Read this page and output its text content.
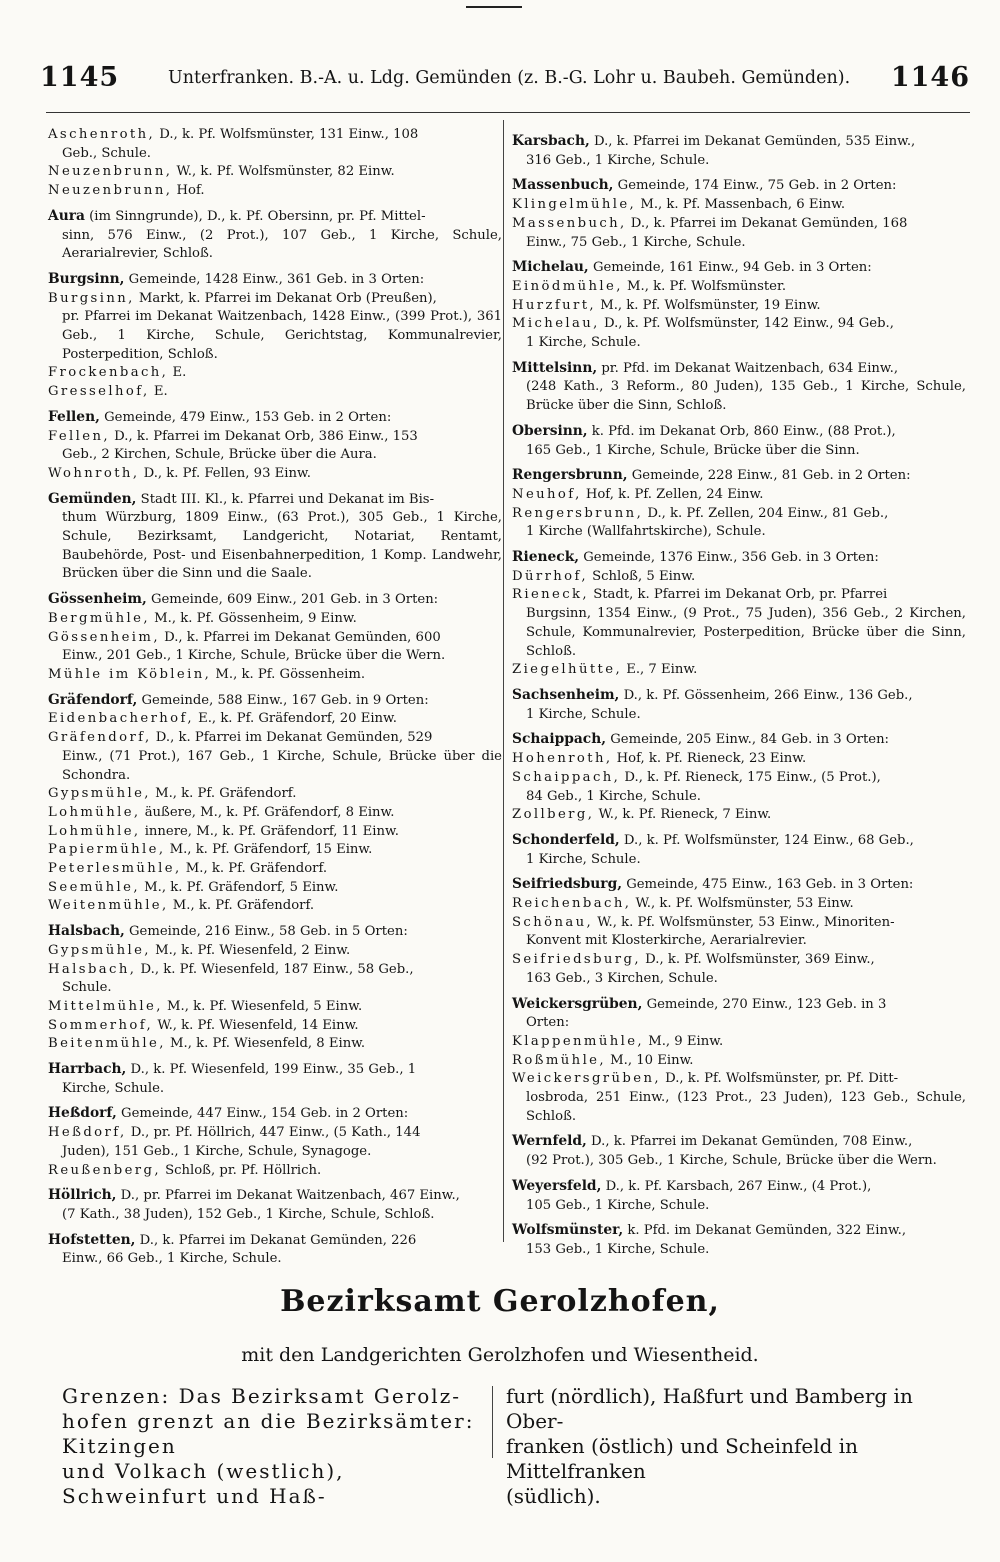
1145	Unterfranken. B.-A. u. Ldg. Gemünden (z. B.-G. Lohr u. Baubeh. Gemünden). 1146
Aschenroth, D., k. Pf. Wolfsmünster, 131 Einw., 108
Geb., Schule.
Neuzenbrunn, W., k. Pf. Wolfsmünster, 82 Einw.
Neuzenbrunn, Hof.
Aura (im Sinngrunde), D., k. Pf. Obersinn, pr. Pf. Mittel-
sinn, 576 Einw., (2 Prot.), 107 Geb., 1 Kirche, Schule, Aerarialrevier, Schloß.
Burgsinn, Gemeinde, 1428 Einw., 361 Geb. in 3 Orten:
Burgsinn, Markt, k. Pfarrei im Dekanat Orb (Preußen),
pr. Pfarrei im Dekanat Waitzenbach, 1428 Einw., (399 Prot.), 361 Geb., 1 Kirche, Schule, Gerichtstag, Kommunalrevier, Posterpedition, Schloß.
Frockenbach, E.
Gresselhof, E.
Fellen, Gemeinde, 479 Einw., 153 Geb. in 2 Orten:
Fellen, D., k. Pfarrei im Dekanat Orb, 386 Einw., 153
Geb., 2 Kirchen, Schule, Brücke über die Aura.
Wohnroth, D., k. Pf. Fellen, 93 Einw.
Gemünden, Stadt III. Kl., k. Pfarrei und Dekanat im Bis-
thum Würzburg, 1809 Einw., (63 Prot.), 305 Geb., 1 Kirche, Schule, Bezirksamt, Landgericht, Notariat, Rentamt, Baubehörde, Post- und Eisenbahnerpedition, 1 Komp. Landwehr, Brücken über die Sinn und die Saale.
Gössenheim, Gemeinde, 609 Einw., 201 Geb. in 3 Orten:
Bergmühle, M., k. Pf. Gössenheim, 9 Einw.
Gössenheim, D., k. Pfarrei im Dekanat Gemünden, 600
Einw., 201 Geb., 1 Kirche, Schule, Brücke über die Wern.
Mühle im Köblein, M., k. Pf. Gössenheim.
Gräfendorf, Gemeinde, 588 Einw., 167 Geb. in 9 Orten:
Eidenbacherhof, E., k. Pf. Gräfendorf, 20 Einw.
Gräfendorf, D., k. Pfarrei im Dekanat Gemünden, 529
Einw., (71 Prot.), 167 Geb., 1 Kirche, Schule, Brücke über die Schondra.
Gypsmühle, M., k. Pf. Gräfendorf.
Lohmühle, äußere, M., k. Pf. Gräfendorf, 8 Einw.
Lohmühle, innere, M., k. Pf. Gräfendorf, 11 Einw.
Papiermühle, M., k. Pf. Gräfendorf, 15 Einw.
Peterlesmühle, M., k. Pf. Gräfendorf.
Seemühle, M., k. Pf. Gräfendorf, 5 Einw.
Weitenmühle, M., k. Pf. Gräfendorf.
Halsbach, Gemeinde, 216 Einw., 58 Geb. in 5 Orten:
Gypsmühle, M., k. Pf. Wiesenfeld, 2 Einw.
Halsbach, D., k. Pf. Wiesenfeld, 187 Einw., 58 Geb.,
Schule.
Mittelmühle, M., k. Pf. Wiesenfeld, 5 Einw.
Sommerhof, W., k. Pf. Wiesenfeld, 14 Einw.
Beitenmühle, M., k. Pf. Wiesenfeld, 8 Einw.
Harrbach, D., k. Pf. Wiesenfeld, 199 Einw., 35 Geb., 1
Kirche, Schule.
Heßdorf, Gemeinde, 447 Einw., 154 Geb. in 2 Orten:
Heßdorf, D., pr. Pf. Höllrich, 447 Einw., (5 Kath., 144
Juden), 151 Geb., 1 Kirche, Schule, Synagoge.
Reußenberg, Schloß, pr. Pf. Höllrich.
Höllrich, D., pr. Pfarrei im Dekanat Waitzenbach, 467 Einw.,
(7 Kath., 38 Juden), 152 Geb., 1 Kirche, Schule, Schloß.
Hofstetten, D., k. Pfarrei im Dekanat Gemünden, 226
Einw., 66 Geb., 1 Kirche, Schule.
Karsbach, D., k. Pfarrei im Dekanat Gemünden, 535 Einw.,
316 Geb., 1 Kirche, Schule.
Massenbuch, Gemeinde, 174 Einw., 75 Geb. in 2 Orten:
Klingelmühle, M., k. Pf. Massenbach, 6 Einw.
Massenbuch, D., k. Pfarrei im Dekanat Gemünden, 168
Einw., 75 Geb., 1 Kirche, Schule.
Michelau, Gemeinde, 161 Einw., 94 Geb. in 3 Orten:
Einödmühle, M., k. Pf. Wolfsmünster.
Hurzfurt, M., k. Pf. Wolfsmünster, 19 Einw.
Michelau, D., k. Pf. Wolfsmünster, 142 Einw., 94 Geb.,
1 Kirche, Schule.
Mittelsinn, pr. Pfd. im Dekanat Waitzenbach, 634 Einw.,
(248 Kath., 3 Reform., 80 Juden), 135 Geb., 1 Kirche, Schule, Brücke über die Sinn, Schloß.
Obersinn, k. Pfd. im Dekanat Orb, 860 Einw., (88 Prot.),
165 Geb., 1 Kirche, Schule, Brücke über die Sinn.
Rengersbrunn, Gemeinde, 228 Einw., 81 Geb. in 2 Orten:
Neuhof, Hof, k. Pf. Zellen, 24 Einw.
Rengersbrunn, D., k. Pf. Zellen, 204 Einw., 81 Geb.,
1 Kirche (Wallfahrtskirche), Schule.
Rieneck, Gemeinde, 1376 Einw., 356 Geb. in 3 Orten:
Dürrhof, Schloß, 5 Einw.
Rieneck, Stadt, k. Pfarrei im Dekanat Orb, pr. Pfarrei
Burgsinn, 1354 Einw., (9 Prot., 75 Juden), 356 Geb., 2 Kirchen, Schule, Kommunalrevier, Posterpedition, Brücke über die Sinn, Schloß.
Ziegelhütte, E., 7 Einw.
Sachsenheim, D., k. Pf. Gössenheim, 266 Einw., 136 Geb.,
1 Kirche, Schule.
Schaippach, Gemeinde, 205 Einw., 84 Geb. in 3 Orten:
Hohenroth, Hof, k. Pf. Rieneck, 23 Einw.
Schaippach, D., k. Pf. Rieneck, 175 Einw., (5 Prot.),
84 Geb., 1 Kirche, Schule.
Zollberg, W., k. Pf. Rieneck, 7 Einw.
Schonderfeld, D., k. Pf. Wolfsmünster, 124 Einw., 68 Geb.,
1 Kirche, Schule.
Seifriedsburg, Gemeinde, 475 Einw., 163 Geb. in 3 Orten:
Reichenbach, W., k. Pf. Wolfsmünster, 53 Einw.
Schönau, W., k. Pf. Wolfsmünster, 53 Einw., Minoriten-
Konvent mit Klosterkirche, Aerarialrevier.
Seifriedsburg, D., k. Pf. Wolfsmünster, 369 Einw.,
163 Geb., 3 Kirchen, Schule.
Weickersgrüben, Gemeinde, 270 Einw., 123 Geb. in 3
Orten:
Klappenmühle, M., 9 Einw.
Roßmühle, M., 10 Einw.
Weickersgrüben, D., k. Pf. Wolfsmünster, pr. Pf. Ditt-
losbroda, 251 Einw., (123 Prot., 23 Juden), 123 Geb., Schule, Schloß.
Wernfeld, D., k. Pfarrei im Dekanat Gemünden, 708 Einw.,
(92 Prot.), 305 Geb., 1 Kirche, Schule, Brücke über die Wern.
Weyersfeld, D., k. Pf. Karsbach, 267 Einw., (4 Prot.),
105 Geb., 1 Kirche, Schule.
Wolfsmünster, k. Pfd. im Dekanat Gemünden, 322 Einw.,
153 Geb., 1 Kirche, Schule.
Bezirksamt Gerolzhofen,
mit den Landgerichten Gerolzhofen und Wiesentheid.
Grenzen: Das Bezirksamt Gerolz-
hofen grenzt an die Bezirksämter: Kitzingen
und Volkach (westlich), Schweinfurt und Haß-
furt (nördlich), Haßfurt und Bamberg in Ober-
franken (östlich) und Scheinfeld in Mittelfranken
(südlich).
